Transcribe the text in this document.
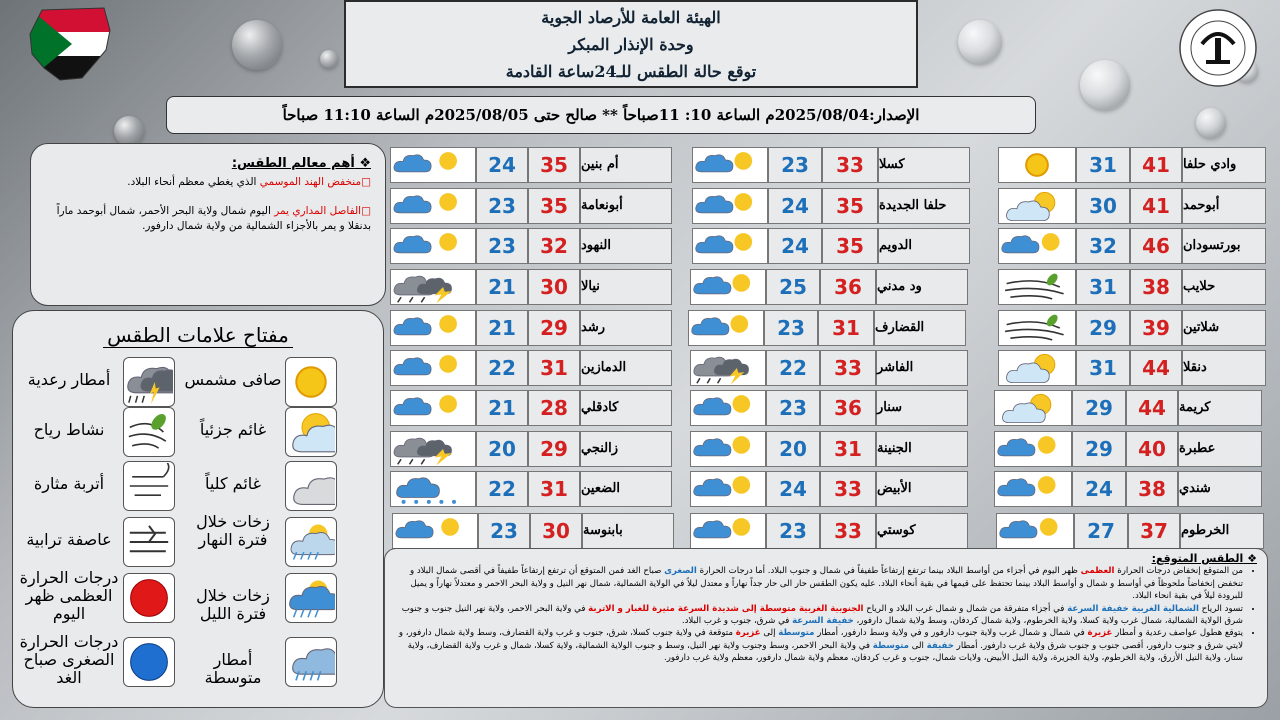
الهيئة العامة للأرصاد الجوية
وحدة الإنذار المبكر
توقع حالة الطقس للـ24ساعة القادمة
الإصدار:2025/08/04م الساعة 10: 11صباحاً ** صالح حتى 2025/08/05م الساعة 11:10 صباحاً
❖ أهم معالم الطقس:
□منخفض الهند الموسمي الذي يغطي معظم أنحاء البلاد.
□الفاصل المداري يمر اليوم شمال ولاية البحر الأحمر، شمال أبوحمد ماراً بدنقلا و يمر بالأجزاء الشمالية من ولاية شمال دارفور.
مفتاح علامات الطقس
صافى مشمس
أمطار رعدية
غائم جزئياً
نشاط رياح
غائم كلياً
أتربة مثارة
زخات خلال فترة النهار
عاصفة ترابية
زخات خلال فترة الليل
درجات الحرارة العظمى ظهر اليوم
أمطار متوسطة
درجات الحرارة الصغرى صباح الغد
31	41	وادي حلفا
30	41	أبوحمد
32	46	بورتسودان
31	38	حلايب
29	39	شلاتين
31	44	دنقلا
29	44	كريمة
29	40	عطبرة
24	38	شندي
27	37	الخرطوم
23	33	كسلا
24	35	حلفا الجديدة
24	35	الدويم
25	36	ود مدني
23	31	القضارف
22	33	الفاشر
23	36	سنار
20	31	الجنينة
24	33	الأبيض
23	33	كوستي
24	35	أم بنين
23	35	أبونعامة
23	32	النهود
21	30	نيالا
21	29	رشد
22	31	الدمازين
21	28	كادقلي
20	29	زالنجي
22	31	الضعين
23	30	بابنوسة
❖ الطقس المتوقع:
• من المتوقع إنخفاض درجات الحرارة العظمى ظهر اليوم في أجزاء من أواسط البلاد بينما ترتفع إرتفاعاً طفيفاً في شمال و جنوب البلاد. أما درجات الحرارة الصغرى صباح الغد فمن المتوقع أن ترتفع إرتفاعاً طفيفاً في أقصى شمال البلاد و تنخفض إنخفاضاً ملحوظاً في أواسط و شمال و أواسط البلاد بينما تحتفظ على قيمها في بقية أنحاء البلاد. عليه يكون الطقس حار الى حار جداً نهاراً و معتدل ليلاً في الولاية الشمالية، شمال نهر النيل و ولاية البحر الاحمر و معتدلاً نهاراً و يميل للبرودة ليلاً في بقية انحاء البلاد.
• تسود الرياح الشمالية الغربية خفيفة السرعة في أجزاء متفرقة من شمال و شمال غرب البلاد و الرياح الجنوبية الغربية متوسطة إلى شديدة السرعة مثيرة للغبار و الاتربة في ولاية البحر الاحمر، ولاية نهر النيل جنوب و جنوب شرق الولاية الشمالية، شمال غرب ولاية كسلا، ولاية الخرطوم، ولاية شمال كردفان، وسط ولاية شمال دارفور، خفيفة السرعة في شرق، جنوب و غرب البلاد.
• يتوقع هطول عواصف رعدية و أمطار غزيرة في شمال و شمال غرب ولاية جنوب دارفور و في ولاية وسط دارفور، أمطار متوسطة إلى غزيرة متوقعة في ولاية جنوب كسلا، شرق، جنوب و غرب ولاية القضارف، وسط ولاية شمال دارفور، و لايتي شرق و جنوب دارفور، أقصى جنوب و جنوب شرق ولاية غرب دارفور. أمطار خفيفة الى متوسطة في ولاية البحر الاحمر، وسط وجنوب ولاية نهر النيل، وسط و جنوب الولاية الشمالية، ولاية كسلا، شمال و غرب ولاية القضارف، ولاية سنار، ولاية النيل الأزرق، ولاية الخرطوم، ولاية الجزيرة، ولاية النيل الأبيض، ولايات شمال، جنوب و غرب كردفان، معظم ولاية شمال دارفور، معظم ولاية غرب دارفور.
